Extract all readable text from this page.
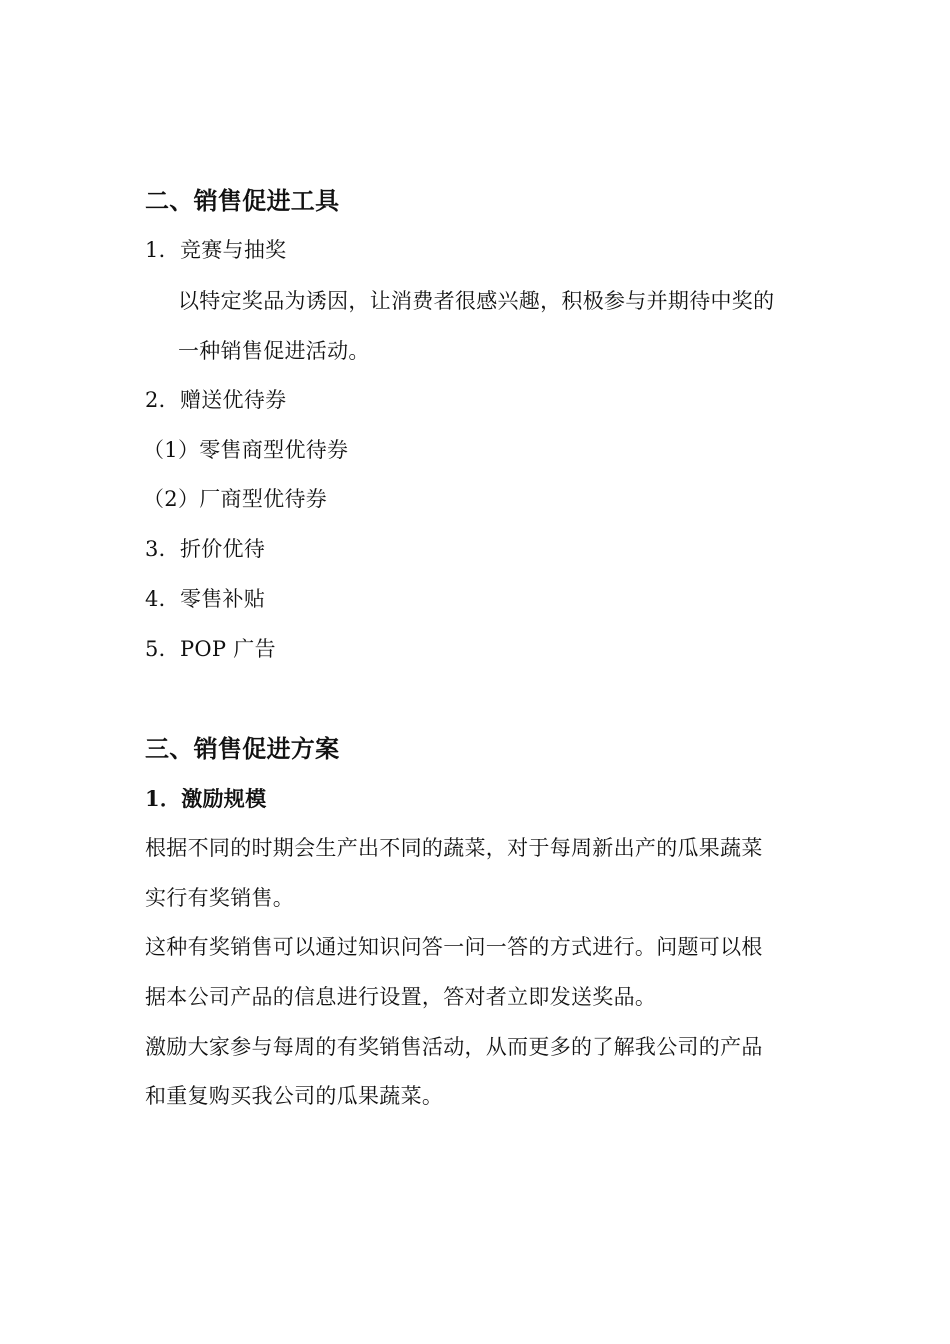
二、销售促进工具
1．竞赛与抽奖
以特定奖品为诱因，让消费者很感兴趣，积极参与并期待中奖的
一种销售促进活动。
2．赠送优待券
（1）零售商型优待券
（2）厂商型优待券
3．折价优待
4．零售补贴
5．POP 广告
三、销售促进方案
1．激励规模
根据不同的时期会生产出不同的蔬菜，对于每周新出产的瓜果蔬菜
实行有奖销售。
这种有奖销售可以通过知识问答一问一答的方式进行。问题可以根
据本公司产品的信息进行设置，答对者立即发送奖品。
激励大家参与每周的有奖销售活动，从而更多的了解我公司的产品
和重复购买我公司的瓜果蔬菜。
